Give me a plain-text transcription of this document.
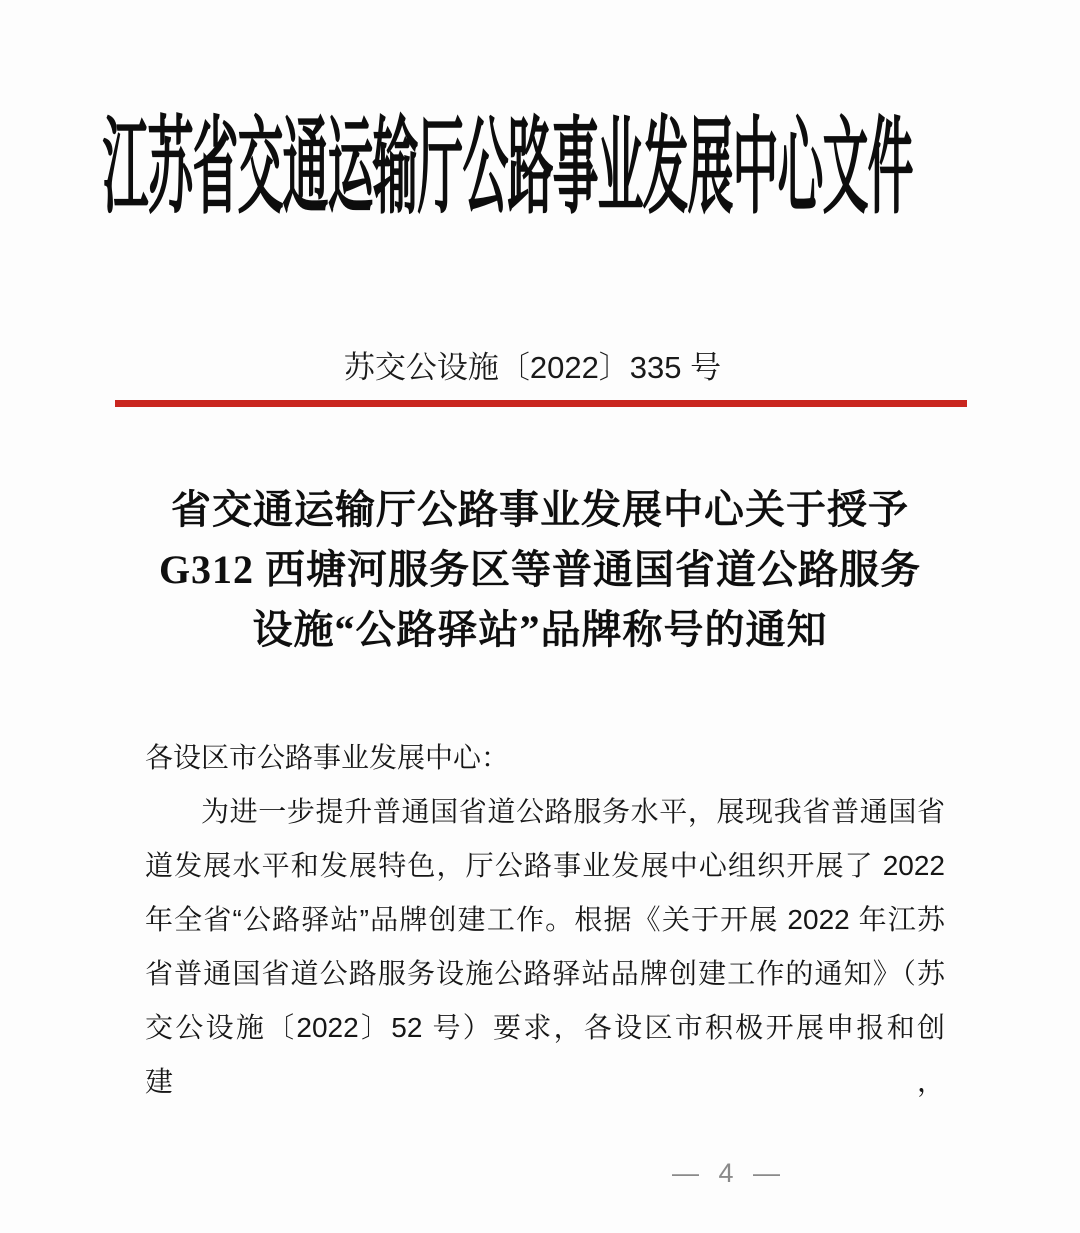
江苏省交通运输厅公路事业发展中心文件
苏交公设施〔2022〕335 号
省交通运输厅公路事业发展中心关于授予
G312 西塘河服务区等普通国省道公路服务
设施“公路驿站”品牌称号的通知
各设区市公路事业发展中心：
为进一步提升普通国省道公路服务水平，展现我省普通国省
道发展水平和发展特色，厅公路事业发展中心组织开展了 2022
年全省“公路驿站”品牌创建工作。根据《关于开展 2022 年江苏
省普通国省道公路服务设施公路驿站品牌创建工作的通知》（苏
交公设施〔2022〕52 号）要求，各设区市积极开展申报和创建，
— 4 —
